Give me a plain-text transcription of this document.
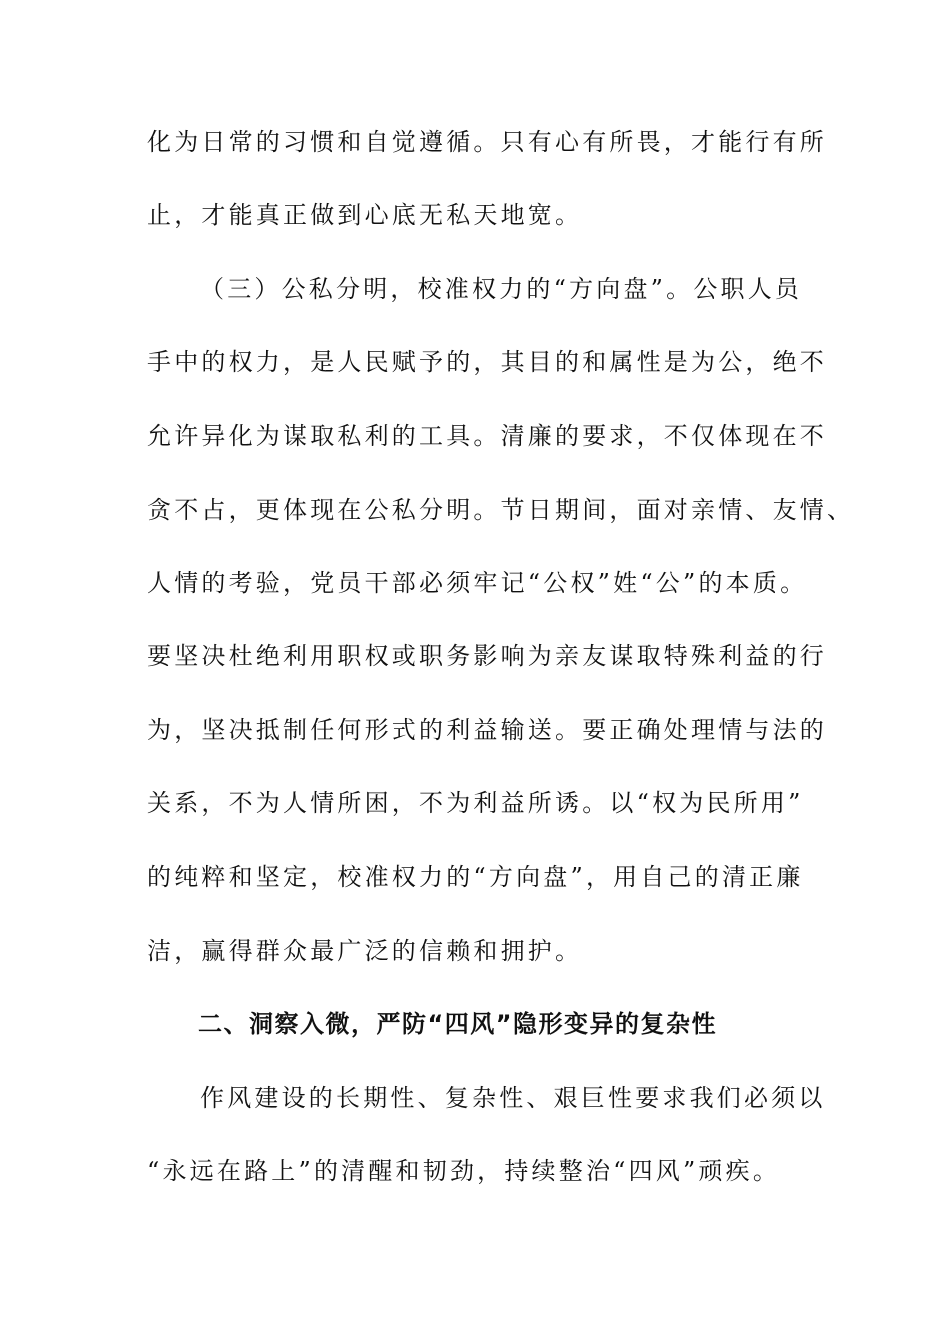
化为日常的习惯和自觉遵循。只有心有所畏，才能行有所
止，才能真正做到心底无私天地宽。
（三）公私分明，校准权力的“方向盘”。公职人员
手中的权力，是人民赋予的，其目的和属性是为公，绝不
允许异化为谋取私利的工具。清廉的要求，不仅体现在不
贪不占，更体现在公私分明。节日期间，面对亲情、友情、
人情的考验，党员干部必须牢记“公权”姓“公”的本质。
要坚决杜绝利用职权或职务影响为亲友谋取特殊利益的行
为，坚决抵制任何形式的利益输送。要正确处理情与法的
关系，不为人情所困，不为利益所诱。以“权为民所用”
的纯粹和坚定，校准权力的“方向盘”，用自己的清正廉
洁，赢得群众最广泛的信赖和拥护。
二、洞察入微，严防“四风”隐形变异的复杂性
作风建设的长期性、复杂性、艰巨性要求我们必须以
“永远在路上”的清醒和韧劲，持续整治“四风”顽疾。
